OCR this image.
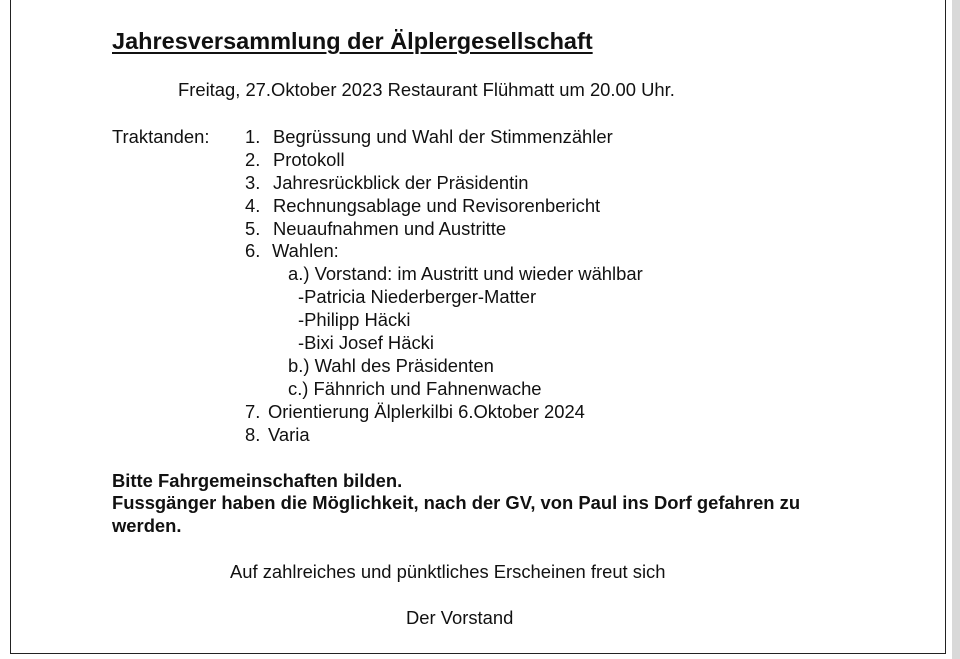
Jahresversammlung der Älplergesellschaft
Freitag, 27.Oktober 2023 Restaurant Flühmatt um 20.00 Uhr.
Traktanden: 1. Begrüssung und Wahl der Stimmenzähler
2. Protokoll
3. Jahresrückblick der Präsidentin
4. Rechnungsablage und Revisorenbericht
5. Neuaufnahmen und Austritte
6. Wahlen:
a.) Vorstand: im Austritt und wieder wählbar
-Patricia Niederberger-Matter
-Philipp Häcki
-Bixi Josef Häcki
b.) Wahl des Präsidenten
c.) Fähnrich und Fahnenwache
7. Orientierung Älplerkilbi 6.Oktober 2024
8. Varia
Bitte Fahrgemeinschaften bilden.
Fussgänger haben die Möglichkeit, nach der GV, von Paul ins Dorf gefahren zu
werden.
Auf zahlreiches und pünktliches Erscheinen freut sich
Der Vorstand
